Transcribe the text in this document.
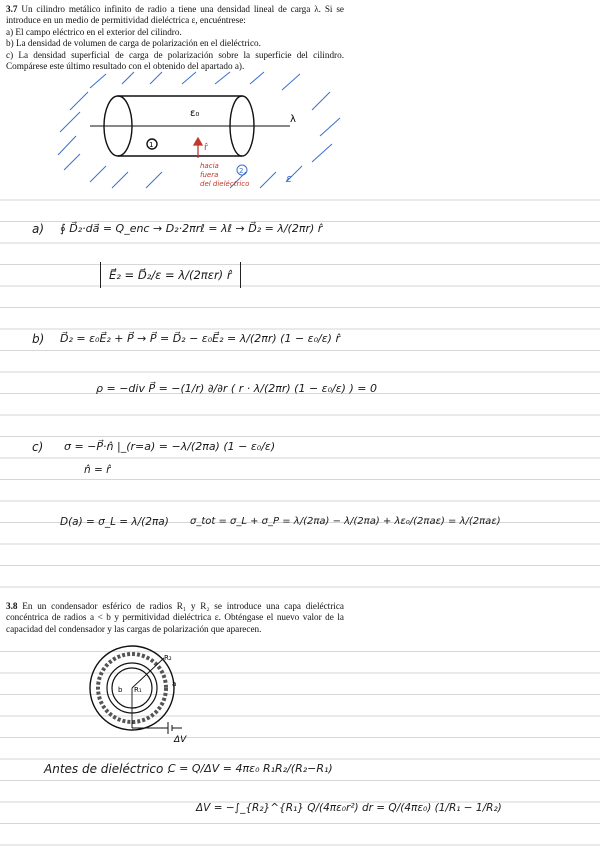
3.7 Un cilindro metálico infinito de radio a tiene una densidad lineal de carga λ. Si se introduce en un medio de permitividad dieléctrica ε, encuéntrese:

a) El campo eléctrico en el exterior del cilindro.

b) La densidad de volumen de carga de polarización en el dieléctrico.

c) La densidad superficial de carga de polarización sobre la superficie del cilindro. Compárese este último resultado con el obtenido del apartado a).

ε₀
λ
1	r̂
hacia
fuera
del dieléctrico
2
ε
a) ∮ D⃗₂·da⃗ = Q_enc → D₂·2πrℓ = λℓ → D⃗₂ = λ/(2πr) r̂
E⃗₂ = D⃗₂/ε = λ/(2πεr) r̂
b) D⃗₂ = ε₀E⃗₂ + P⃗ → P⃗ = D⃗₂ − ε₀E⃗₂ = λ/(2πr) (1 − ε₀/ε) r̂
ρ = −div P⃗ = −(1/r) ∂/∂r ( r · λ/(2πr) (1 − ε₀/ε) ) = 0
c) σ = −P⃗·n̂ |_(r=a) = −λ/(2πa) (1 − ε₀/ε)
n̂ = r̂
D(a) = σ_L = λ/(2πa) σ_tot = σ_L + σ_P = λ/(2πa) − λ/(2πa) + λε₀/(2πaε) = λ/(2πaε)

3.8 En un condensador esférico de radios R₁ y R₂ se introduce una capa dieléctrica concéntrica de radios a < b y permitividad dieléctrica ε. Obténgase el nuevo valor de la capacidad del condensador y las cargas de polarización que aparecen.

R₂
a
b R₁
ΔV
Antes de dieléctrico :
C = Q/ΔV = 4πε₀ R₁R₂/(R₂−R₁)
ΔV = −∫_{R₂}^{R₁} Q/(4πε₀r²) dr = Q/(4πε₀) (1/R₁ − 1/R₂)
